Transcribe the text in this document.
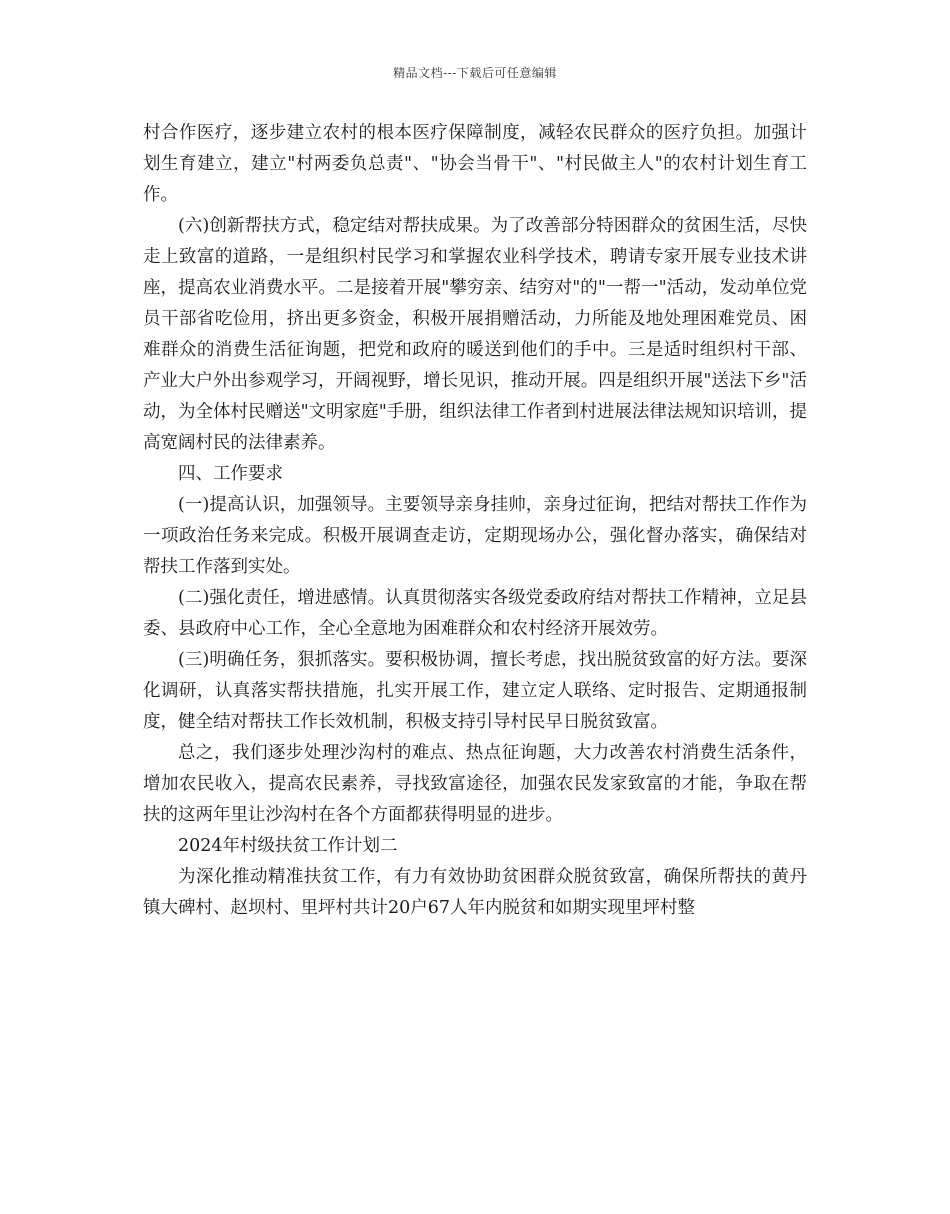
精品文档---下载后可任意编辑

村合作医疗，逐步建立农村的根本医疗保障制度，减轻农民群众的医疗负担。加强计划生育建立，建立"村两委负总责"、"协会当骨干"、"村民做主人"的农村计划生育工作。

(六)创新帮扶方式，稳定结对帮扶成果。为了改善部分特困群众的贫困生活，尽快走上致富的道路，一是组织村民学习和掌握农业科学技术，聘请专家开展专业技术讲座，提高农业消费水平。二是接着开展"攀穷亲、结穷对"的"一帮一"活动，发动单位党员干部省吃俭用，挤出更多资金，积极开展捐赠活动，力所能及地处理困难党员、困难群众的消费生活征询题，把党和政府的暖送到他们的手中。三是适时组织村干部、产业大户外出参观学习，开阔视野，增长见识，推动开展。四是组织开展"送法下乡"活动，为全体村民赠送"文明家庭"手册，组织法律工作者到村进展法律法规知识培训，提高宽阔村民的法律素养。

四、工作要求

(一)提高认识，加强领导。主要领导亲身挂帅，亲身过征询，把结对帮扶工作作为一项政治任务来完成。积极开展调查走访，定期现场办公，强化督办落实，确保结对帮扶工作落到实处。

(二)强化责任，增进感情。认真贯彻落实各级党委政府结对帮扶工作精神，立足县委、县政府中心工作，全心全意地为困难群众和农村经济开展效劳。

(三)明确任务，狠抓落实。要积极协调，擅长考虑，找出脱贫致富的好方法。要深化调研，认真落实帮扶措施，扎实开展工作，建立定人联络、定时报告、定期通报制度，健全结对帮扶工作长效机制，积极支持引导村民早日脱贫致富。

总之，我们逐步处理沙沟村的难点、热点征询题，大力改善农村消费生活条件，增加农民收入，提高农民素养，寻找致富途径，加强农民发家致富的才能，争取在帮扶的这两年里让沙沟村在各个方面都获得明显的进步。

2024年村级扶贫工作计划二

为深化推动精准扶贫工作，有力有效协助贫困群众脱贫致富，确保所帮扶的黄丹镇大碑村、赵坝村、里坪村共计20户67人年内脱贫和如期实现里坪村整
